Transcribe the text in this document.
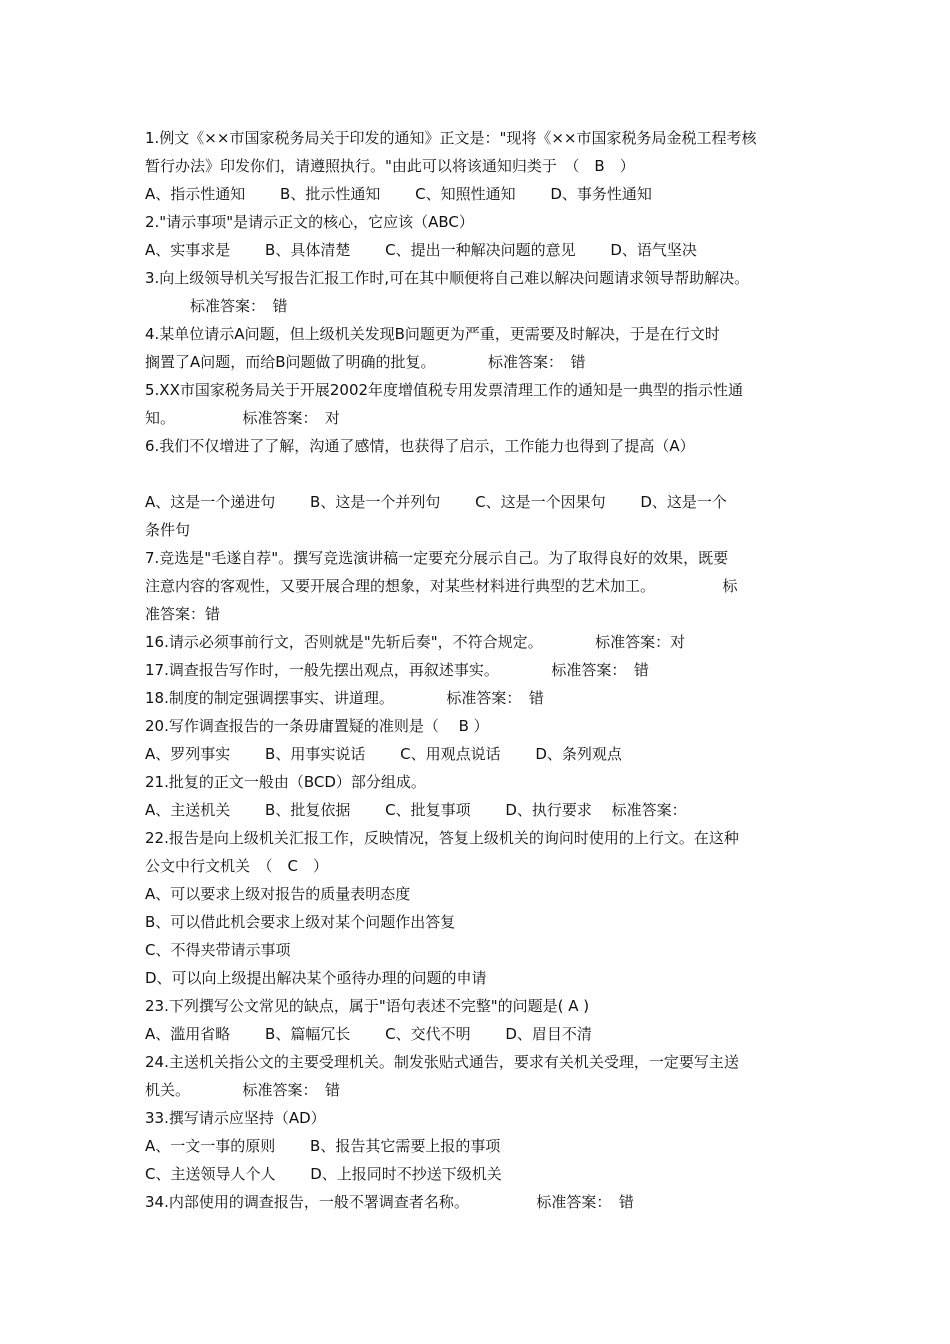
1.例文《××市国家税务局关于印发的通知》正文是："现将《××市国家税务局金税工程考核
暂行办法》印发你们，请遵照执行。"由此可以将该通知归类于　（　B　）
A、指示性通知　　 B、批示性通知　　 C、知照性通知　　 D、事务性通知
2."请示事项"是请示正文的核心，它应该（ABC）
A、实事求是　　 B、具体清楚　　 C、提出一种解决问题的意见　　 D、语气坚决
3.向上级领导机关写报告汇报工作时,可在其中顺便将自己难以解决问题请求领导帮助解决。
　　　标准答案：　错
4.某单位请示A问题，但上级机关发现B问题更为严重，更需要及时解决，于是在行文时
搁置了A问题，而给B问题做了明确的批复。　　　　标准答案：　错
5.XX市国家税务局关于开展2002年度增值税专用发票清理工作的通知是一典型的指示性通
知。　　　　　标准答案：　对
6.我们不仅增进了了解，沟通了感情，也获得了启示，工作能力也得到了提高（A）
A、这是一个递进句　　 B、这是一个并列句　　 C、这是一个因果句　　 D、这是一个
条件句
7.竞选是"毛遂自荐"。撰写竞选演讲稿一定要充分展示自己。为了取得良好的效果，既要
注意内容的客观性，又要开展合理的想象，对某些材料进行典型的艺术加工。　　　　　标
准答案：错
16.请示必须事前行文，否则就是"先斩后奏"，不符合规定。　　　　标准答案：对
17.调查报告写作时，一般先摆出观点，再叙述事实。　　　　标准答案：　错
18.制度的制定强调摆事实、讲道理。　　　　标准答案：　错
20.写作调查报告的一条毋庸置疑的准则是（　 B ）
A、罗列事实　　 B、用事实说话　　 C、用观点说话　　 D、条列观点
21.批复的正文一般由（BCD）部分组成。
A、主送机关　　 B、批复依据　　 C、批复事项　　 D、执行要求　 标准答案：
22.报告是向上级机关汇报工作，反映情况，答复上级机关的询问时使用的上行文。在这种
公文中行文机关　（　C　）
A、可以要求上级对报告的质量表明态度
B、可以借此机会要求上级对某个问题作出答复
C、不得夹带请示事项
D、可以向上级提出解决某个亟待办理的问题的申请
23.下列撰写公文常见的缺点，属于"语句表述不完整"的问题是( A )
A、滥用省略　　 B、篇幅冗长　　 C、交代不明　　 D、眉目不清
24.主送机关指公文的主要受理机关。制发张贴式通告，要求有关机关受理，一定要写主送
机关。　　　　标准答案：　错
33.撰写请示应坚持（AD）
A、一文一事的原则　　 B、报告其它需要上报的事项
C、主送领导人个人　　 D、上报同时不抄送下级机关
34.内部使用的调查报告，一般不署调查者名称。　　　　　标准答案：　错
